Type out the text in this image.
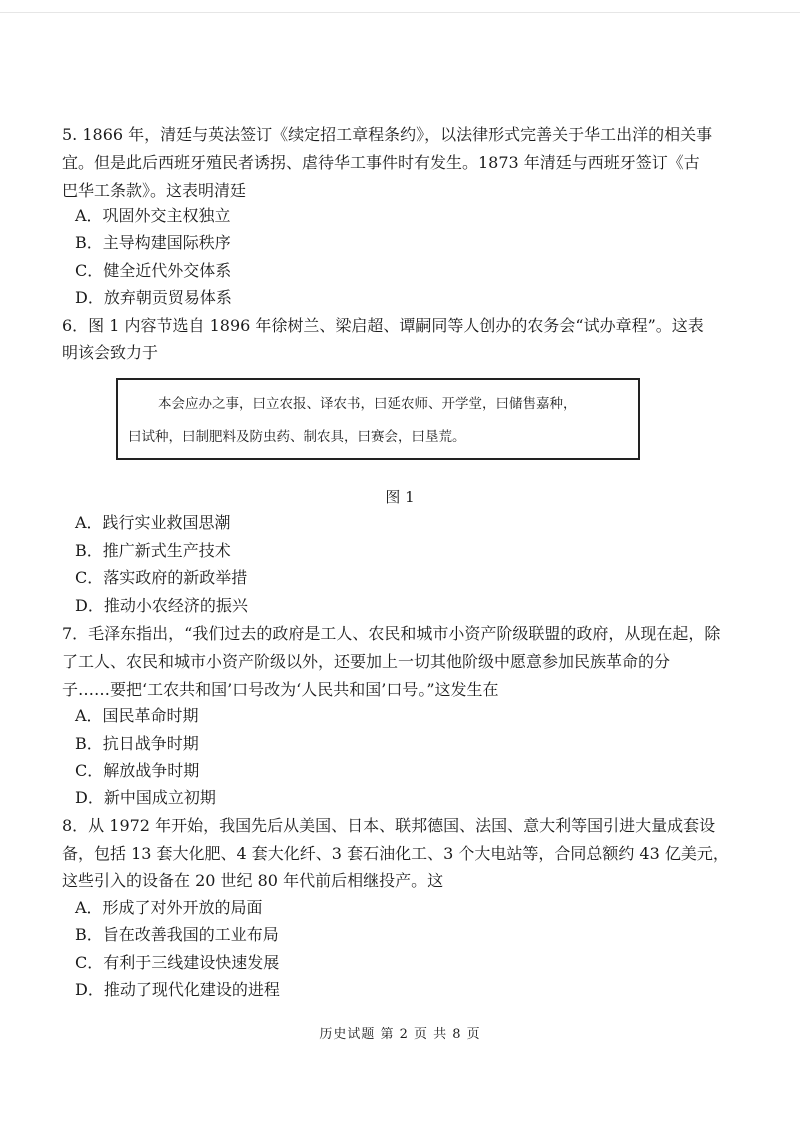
5. 1866 年，清廷与英法签订《续定招工章程条约》，以法律形式完善关于华工出洋的相关事
宜。但是此后西班牙殖民者诱拐、虐待华工事件时有发生。1873 年清廷与西班牙签订《古
巴华工条款》。这表明清廷
A．巩固外交主权独立
B．主导构建国际秩序
C．健全近代外交体系
D．放弃朝贡贸易体系
6．图 1 内容节选自 1896 年徐树兰、梁启超、谭嗣同等人创办的农务会“试办章程”。这表
明该会致力于
本会应办之事，曰立农报、译农书，曰延农师、开学堂，曰储售嘉种，
曰试种，曰制肥料及防虫药、制农具，曰赛会，曰垦荒。
图 1
A．践行实业救国思潮
B．推广新式生产技术
C．落实政府的新政举措
D．推动小农经济的振兴
7．毛泽东指出，“我们过去的政府是工人、农民和城市小资产阶级联盟的政府，从现在起，除
了工人、农民和城市小资产阶级以外，还要加上一切其他阶级中愿意参加民族革命的分
子……要把‘工农共和国’口号改为‘人民共和国’口号。”这发生在
A．国民革命时期
B．抗日战争时期
C．解放战争时期
D．新中国成立初期
8．从 1972 年开始，我国先后从美国、日本、联邦德国、法国、意大利等国引进大量成套设
备，包括 13 套大化肥、4 套大化纤、3 套石油化工、3 个大电站等，合同总额约 43 亿美元，
这些引入的设备在 20 世纪 80 年代前后相继投产。这
A．形成了对外开放的局面
B．旨在改善我国的工业布局
C．有利于三线建设快速发展
D．推动了现代化建设的进程
历史试题 第 2 页 共 8 页
